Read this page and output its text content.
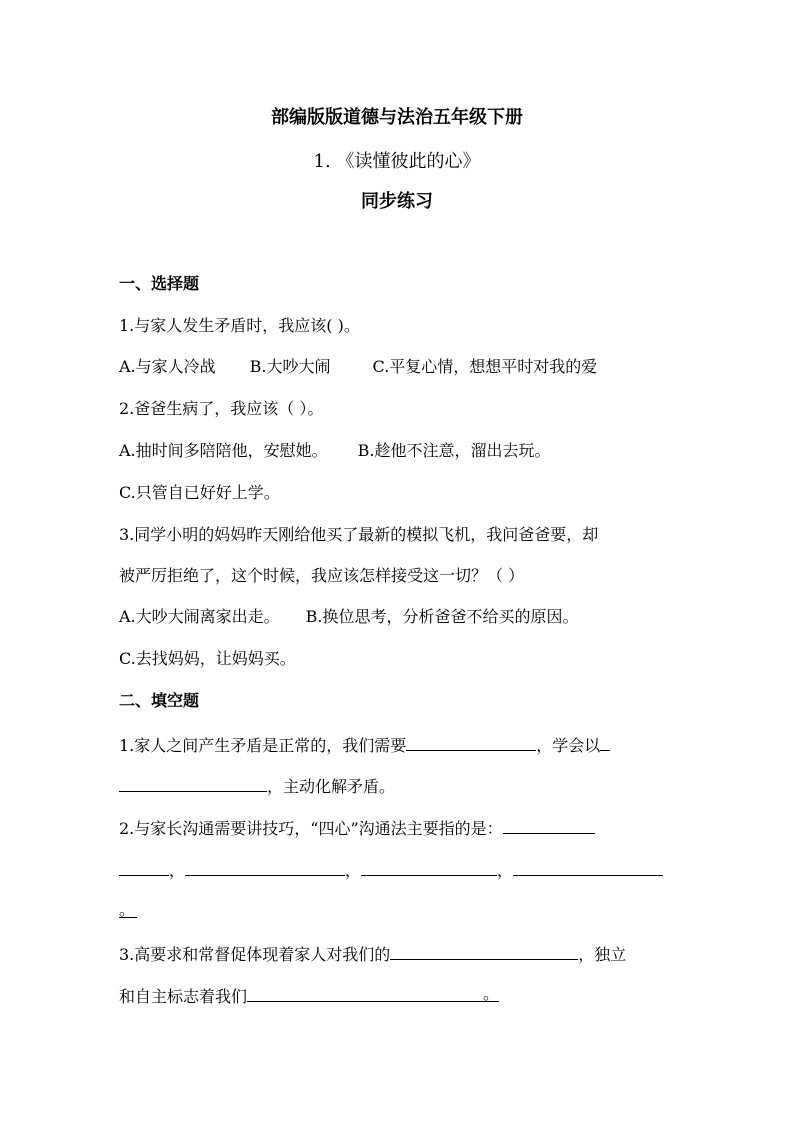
部编版版道德与法治五年级下册
1. 《读懂彼此的心》
同步练习
一、选择题
1.与家人发生矛盾时，我应该( )。
A.与家人冷战 B.大吵大闹	C.平复心情，想想平时对我的爱
2.爸爸生病了，我应该（ ）。
A.抽时间多陪陪他，安慰她。 B.趁他不注意，溜出去玩。
C.只管自已好好上学。
3.同学小明的妈妈昨天刚给他买了最新的模拟飞机，我问爸爸要，却
被严厉拒绝了，这个时候，我应该怎样接受这一切？（ ）
A.大吵大闹离家出走。 B.换位思考，分析爸爸不给买的原因。
C.去找妈妈，让妈妈买。
二、填空题
1.家人之间产生矛盾是正常的，我们需要	，学会以
，主动化解矛盾。
2.与家长沟通需要讲技巧，“四心”沟通法主要指的是：
，	，	，
。
3.高要求和常督促体现着家人对我们的	，独立
和自主标志着我们	。
